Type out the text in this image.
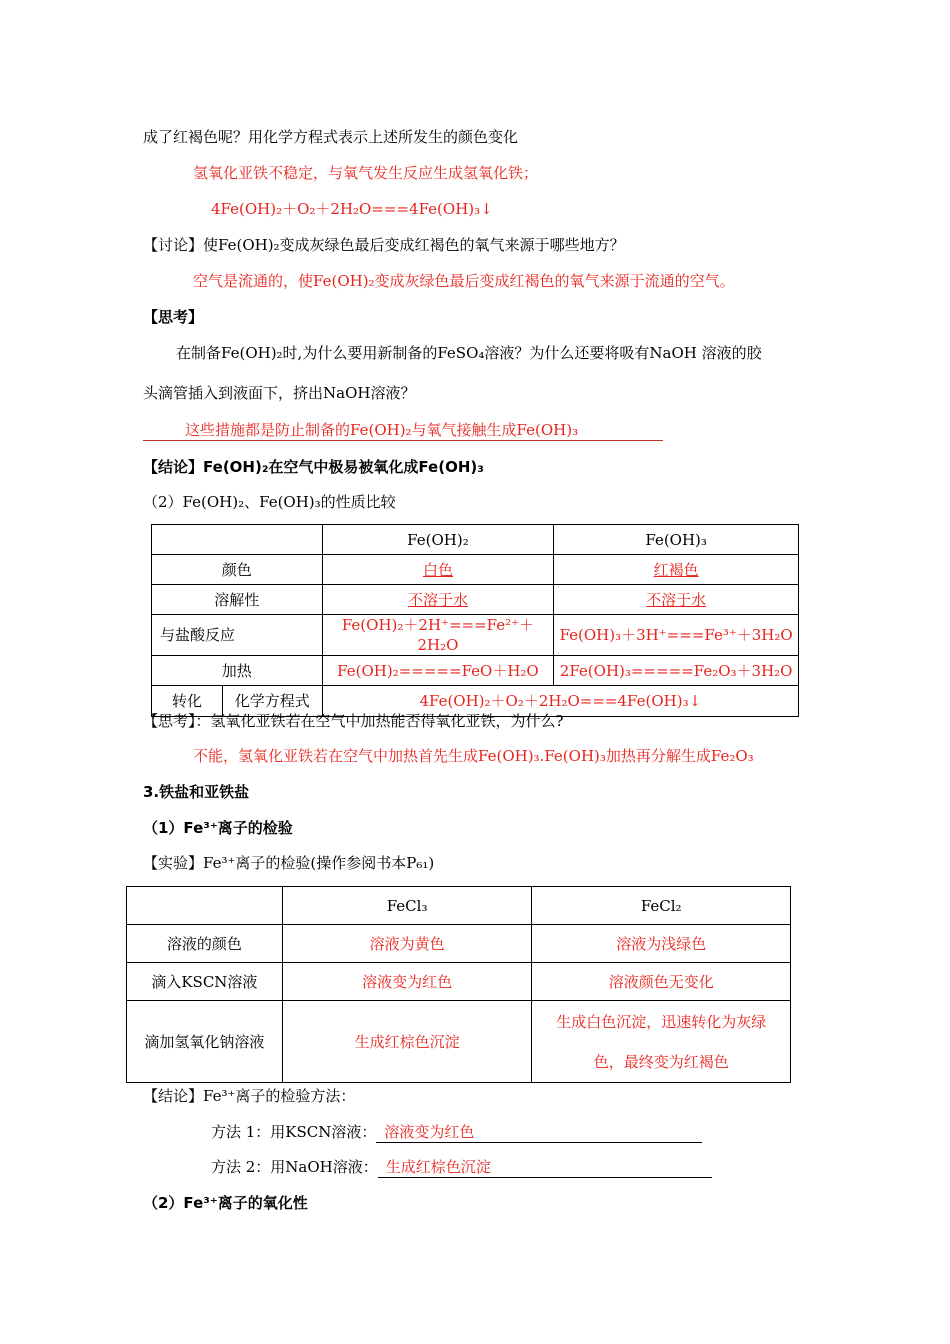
成了红褐色呢？用化学方程式表示上述所发生的颜色变化
氢氧化亚铁不稳定，与氧气发生反应生成氢氧化铁；
4Fe(OH)₂＋O₂＋2H₂O===4Fe(OH)₃↓
【讨论】使Fe(OH)₂变成灰绿色最后变成红褐色的氧气来源于哪些地方？
空气是流通的，使Fe(OH)₂变成灰绿色最后变成红褐色的氧气来源于流通的空气。
【思考】
在制备Fe(OH)₂时,为什么要用新制备的FeSO₄溶液？为什么还要将吸有NaOH 溶液的胶
头滴管插入到液面下，挤出NaOH溶液？
这些措施都是防止制备的Fe(OH)₂与氧气接触生成Fe(OH)₃
【结论】Fe(OH)₂在空气中极易被氧化成Fe(OH)₃
（2）Fe(OH)₂、Fe(OH)₃的性质比较
	Fe(OH)₂	Fe(OH)₃
颜色	白色	红褐色
溶解性	不溶于水	不溶于水
与盐酸反应	Fe(OH)₂＋2H⁺===Fe²⁺＋2H₂O	Fe(OH)₃＋3H⁺===Fe³⁺＋3H₂O
加热	Fe(OH)₂=====FeO＋H₂O	2Fe(OH)₃=====Fe₂O₃＋3H₂O

转化 化学方程式	4Fe(OH)₂＋O₂＋2H₂O===4Fe(OH)₃↓	
【思考】：氢氧化亚铁若在空气中加热能否得氧化亚铁，为什么?
不能，氢氧化亚铁若在空气中加热首先生成Fe(OH)₃.Fe(OH)₃加热再分解生成Fe₂O₃
3.铁盐和亚铁盐
（1）Fe³⁺离子的检验
【实验】Fe³⁺离子的检验(操作参阅书本P₆₁)
	FeCl₃	FeCl₂
溶液的颜色	溶液为黄色	溶液为浅绿色
滴入KSCN溶液	溶液变为红色	溶液颜色无变化
滴加氢氧化钠溶液	生成红棕色沉淀	生成白色沉淀，迅速转化为灰绿
色，最终变为红褐色
【结论】Fe³⁺离子的检验方法：
方法 1：用KSCN溶液： 溶液变为红色
方法 2：用NaOH溶液： 生成红棕色沉淀
（2）Fe³⁺离子的氧化性
